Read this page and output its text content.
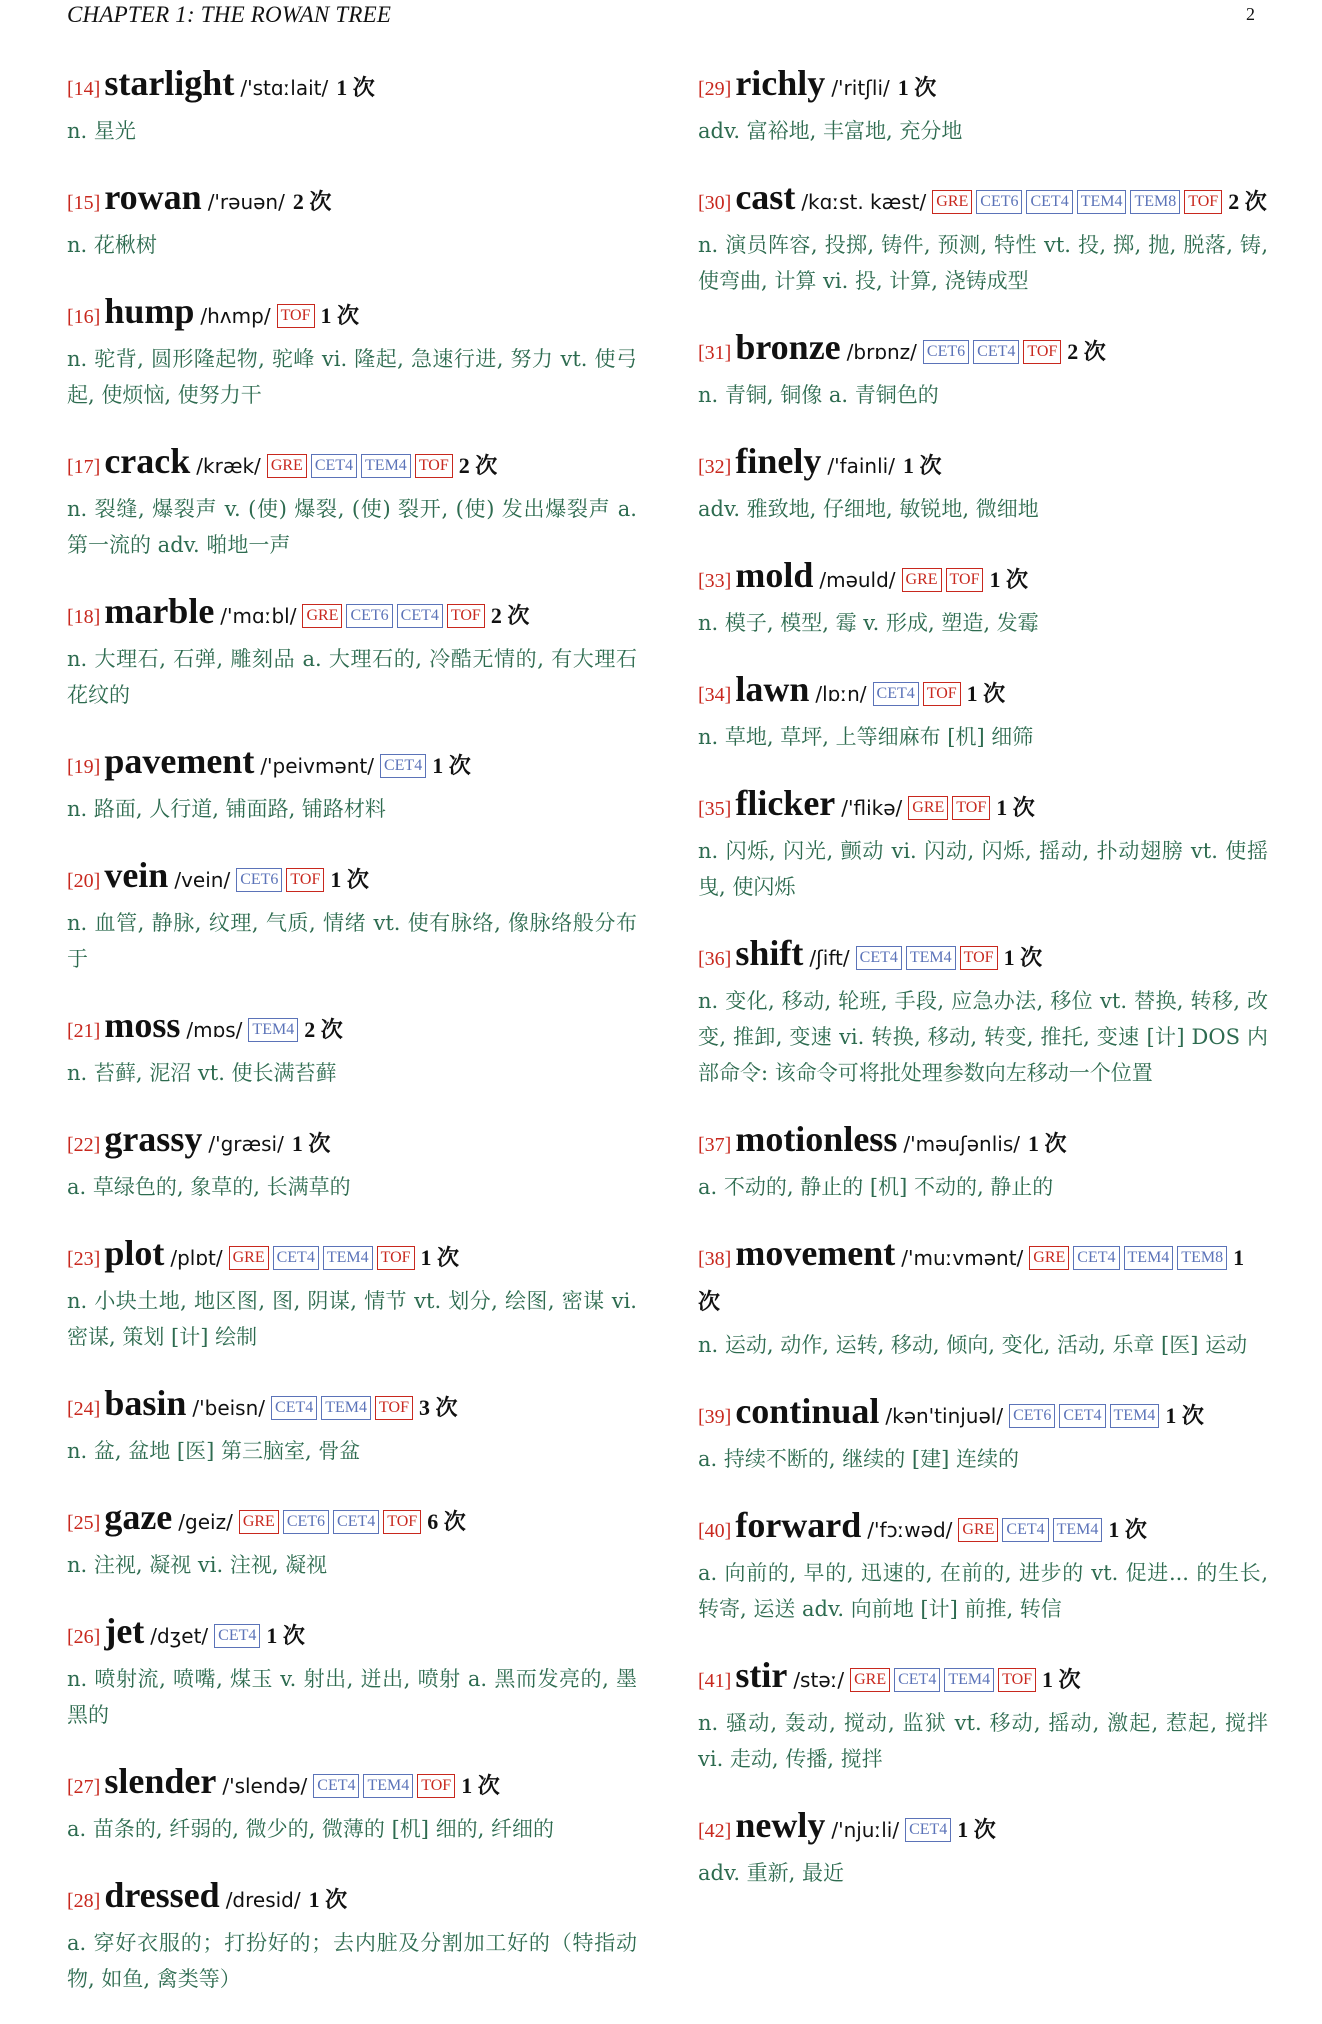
CHAPTER 1: THE ROWAN TREE	2
[14] starlight /'stɑːlait/ 1 次
n. 星光
[15] rowan /'rəuən/ 2 次
n. 花楸树
[16] hump /hʌmp/ TOF 1 次
n. 驼背, 圆形隆起物, 驼峰 vi. 隆起, 急速行进, 努力 vt. 使弓起, 使烦恼, 使努力干
[17] crack /kræk/ GRE CET4 TEM4 TOF 2 次
n. 裂缝, 爆裂声 v. (使) 爆裂, (使) 裂开, (使) 发出爆裂声 a. 第一流的 adv. 啪地一声
[18] marble /'mɑːbl/ GRE CET6 CET4 TOF 2 次
n. 大理石, 石弹, 雕刻品 a. 大理石的, 冷酷无情的, 有大理石花纹的
[19] pavement /'peivmənt/ CET4 1 次
n. 路面, 人行道, 铺面路, 铺路材料
[20] vein /vein/ CET6 TOF 1 次
n. 血管, 静脉, 纹理, 气质, 情绪 vt. 使有脉络, 像脉络般分布于
[21] moss /mɒs/ TEM4 2 次
n. 苔藓, 泥沼 vt. 使长满苔藓
[22] grassy /'græsi/ 1 次
a. 草绿色的, 象草的, 长满草的
[23] plot /plɒt/ GRE CET4 TEM4 TOF 1 次
n. 小块土地, 地区图, 图, 阴谋, 情节 vt. 划分, 绘图, 密谋 vi. 密谋, 策划 [计] 绘制
[24] basin /'beisn/ CET4 TEM4 TOF 3 次
n. 盆, 盆地 [医] 第三脑室, 骨盆
[25] gaze /geiz/ GRE CET6 CET4 TOF 6 次
n. 注视, 凝视 vi. 注视, 凝视
[26] jet /dʒet/ CET4 1 次
n. 喷射流, 喷嘴, 煤玉 v. 射出, 迸出, 喷射 a. 黑而发亮的, 墨黑的
[27] slender /'slendə/ CET4 TEM4 TOF 1 次
a. 苗条的, 纤弱的, 微少的, 微薄的 [机] 细的, 纤细的
[28] dressed /dresid/ 1 次
a. 穿好衣服的；打扮好的；去内脏及分割加工好的（特指动物, 如鱼, 禽类等）
[29] richly /'ritʃli/ 1 次
adv. 富裕地, 丰富地, 充分地
[30] cast /kɑːst. kæst/ GRE CET6 CET4 TEM4 TEM8 TOF 2 次
n. 演员阵容, 投掷, 铸件, 预测, 特性 vt. 投, 掷, 抛, 脱落, 铸, 使弯曲, 计算 vi. 投, 计算, 浇铸成型
[31] bronze /brɒnz/ CET6 CET4 TOF 2 次
n. 青铜, 铜像 a. 青铜色的
[32] finely /'fainli/ 1 次
adv. 雅致地, 仔细地, 敏锐地, 微细地
[33] mold /məuld/ GRE TOF 1 次
n. 模子, 模型, 霉 v. 形成, 塑造, 发霉
[34] lawn /lɒːn/ CET4 TOF 1 次
n. 草地, 草坪, 上等细麻布 [机] 细筛
[35] flicker /'flikə/ GRE TOF 1 次
n. 闪烁, 闪光, 颤动 vi. 闪动, 闪烁, 摇动, 扑动翅膀 vt. 使摇曳, 使闪烁
[36] shift /ʃift/ CET4 TEM4 TOF 1 次
n. 变化, 移动, 轮班, 手段, 应急办法, 移位 vt. 替换, 转移, 改变, 推卸, 变速 vi. 转换, 移动, 转变, 推托, 变速 [计] DOS 内部命令: 该命令可将批处理参数向左移动一个位置
[37] motionless /'məuʃənlis/ 1 次
a. 不动的, 静止的 [机] 不动的, 静止的
[38] movement /'muːvmənt/ GRE CET4 TEM4 TEM8 1 次
n. 运动, 动作, 运转, 移动, 倾向, 变化, 活动, 乐章 [医] 运动
[39] continual /kən'tinjuəl/ CET6 CET4 TEM4 1 次
a. 持续不断的, 继续的 [建] 连续的
[40] forward /'fɔːwəd/ GRE CET4 TEM4 1 次
a. 向前的, 早的, 迅速的, 在前的, 进步的 vt. 促进... 的生长, 转寄, 运送 adv. 向前地 [计] 前推, 转信
[41] stir /stəː/ GRE CET4 TEM4 TOF 1 次
n. 骚动, 轰动, 搅动, 监狱 vt. 移动, 摇动, 激起, 惹起, 搅拌 vi. 走动, 传播, 搅拌
[42] newly /'njuːli/ CET4 1 次
adv. 重新, 最近
